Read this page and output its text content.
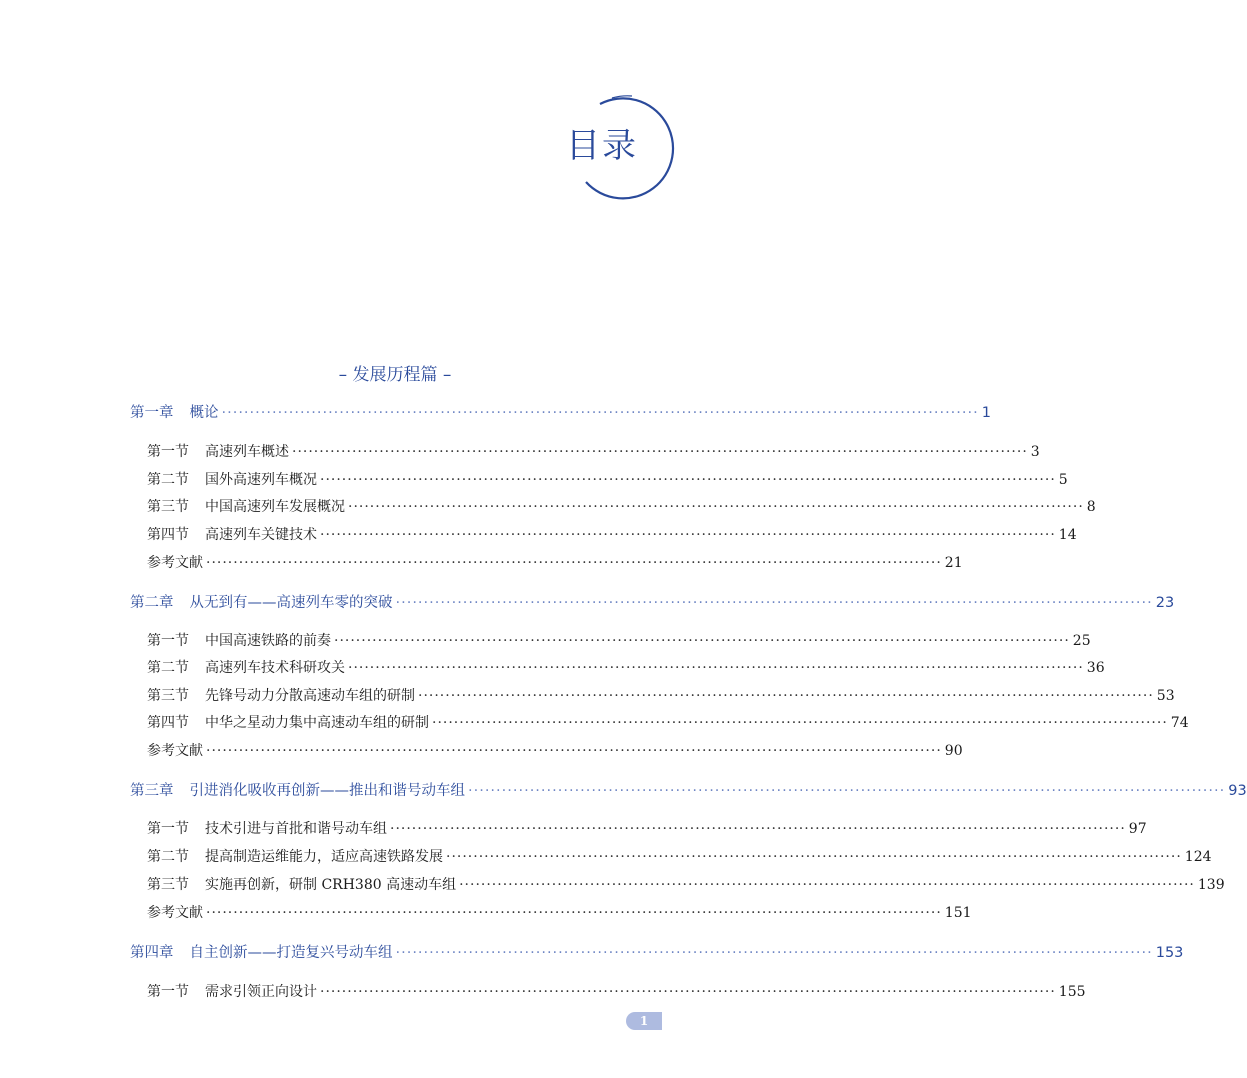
目录
– 发展历程篇 –
第一章 概论 ······································································································································· 1
第一节 高速列车概述 ······································································································································· 3
第二节 国外高速列车概况 ······································································································································· 5
第三节 中国高速列车发展概况 ······································································································································· 8
第四节 高速列车关键技术 ······································································································································· 14
参考文献 ······································································································································· 21
第二章 从无到有——高速列车零的突破 ······································································································································· 23
第一节 中国高速铁路的前奏 ······································································································································· 25
第二节 高速列车技术科研攻关 ······································································································································· 36
第三节 先锋号动力分散高速动车组的研制 ······································································································································· 53
第四节 中华之星动力集中高速动车组的研制 ······································································································································· 74
参考文献 ······································································································································· 90
第三章 引进消化吸收再创新——推出和谐号动车组 ······································································································································· 93
第一节 技术引进与首批和谐号动车组 ······································································································································· 97
第二节 提高制造运维能力，适应高速铁路发展 ······································································································································· 124
第三节 实施再创新，研制 CRH380 高速动车组 ······································································································································· 139
参考文献 ······································································································································· 151
第四章 自主创新——打造复兴号动车组 ······································································································································· 153
第一节 需求引领正向设计 ······································································································································· 155
1
